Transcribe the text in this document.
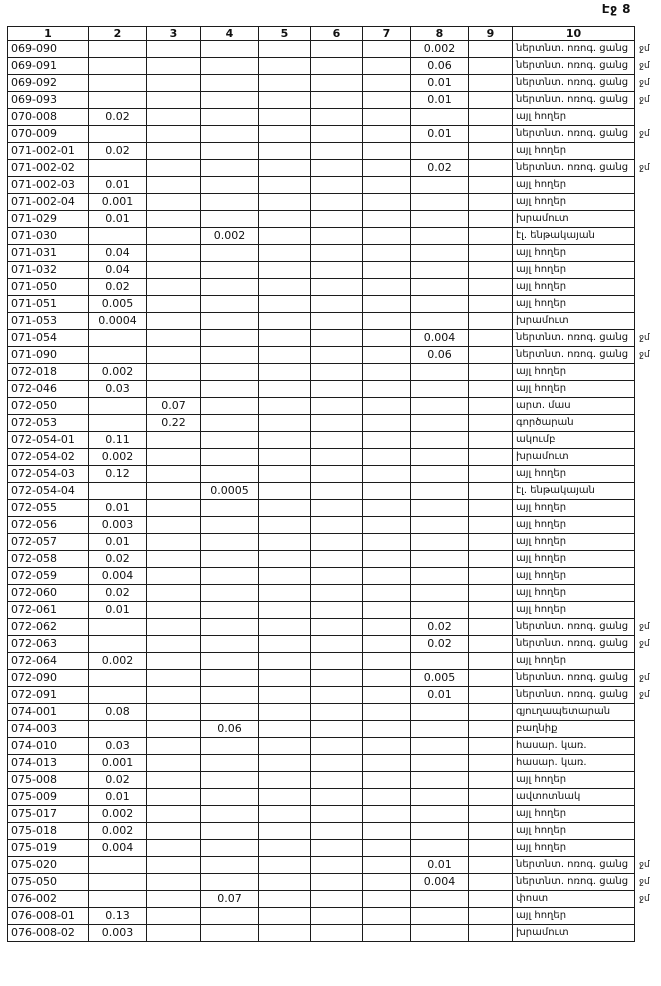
Էջ 8
1	2	3	4	5	6	7	8	9	10	
069-090							0.002		ներտնտ. ոռոգ. ցանց	ջմ
069-091							0.06		ներտնտ. ոռոգ. ցանց	ջմ
069-092							0.01		ներտնտ. ոռոգ. ցանց	ջմ
069-093							0.01		ներտնտ. ոռոգ. ցանց	ջմ
070-008	0.02								այլ հողեր	
070-009							0.01		ներտնտ. ոռոգ. ցանց	ջմ
071-002-01	0.02								այլ հողեր	
071-002-02							0.02		ներտնտ. ոռոգ. ցանց	ջմ
071-002-03	0.01								այլ հողեր	
071-002-04	0.001								այլ հողեր	
071-029	0.01								խրամուտ	
071-030			0.002						էլ. ենթակայան	
071-031	0.04								այլ հողեր	
071-032	0.04								այլ հողեր	
071-050	0.02								այլ հողեր	
071-051	0.005								այլ հողեր	
071-053	0.0004								խրամուտ	
071-054							0.004		ներտնտ. ոռոգ. ցանց	ջմ
071-090							0.06		ներտնտ. ոռոգ. ցանց	ջմ
072-018	0.002								այլ հողեր	
072-046	0.03								այլ հողեր	
072-050		0.07							արտ. մաս	
072-053		0.22							գործարան	
072-054-01	0.11								ակումբ	
072-054-02	0.002								խրամուտ	
072-054-03	0.12								այլ հողեր	
072-054-04			0.0005						էլ. ենթակայան	
072-055	0.01								այլ հողեր	
072-056	0.003								այլ հողեր	
072-057	0.01								այլ հողեր	
072-058	0.02								այլ հողեր	
072-059	0.004								այլ հողեր	
072-060	0.02								այլ հողեր	
072-061	0.01								այլ հողեր	
072-062							0.02		ներտնտ. ոռոգ. ցանց	ջմ
072-063							0.02		ներտնտ. ոռոգ. ցանց	ջմ
072-064	0.002								այլ հողեր	
072-090							0.005		ներտնտ. ոռոգ. ցանց	ջմ
072-091							0.01		ներտնտ. ոռոգ. ցանց	ջմ
074-001	0.08								գյուղապետարան	
074-003			0.06						բաղնիք	
074-010	0.03								հասար. կառ.	
074-013	0.001								հասար. կառ.	
075-008	0.02								այլ հողեր	
075-009	0.01								ավտոտնակ	
075-017	0.002								այլ հողեր	
075-018	0.002								այլ հողեր	
075-019	0.004								այլ հողեր	
075-020							0.01		ներտնտ. ոռոգ. ցանց	ջմ
075-050							0.004		ներտնտ. ոռոգ. ցանց	ջմ
076-002			0.07						փոստ	ջմ
076-008-01	0.13								այլ հողեր	
076-008-02	0.003								խրամուտ	
